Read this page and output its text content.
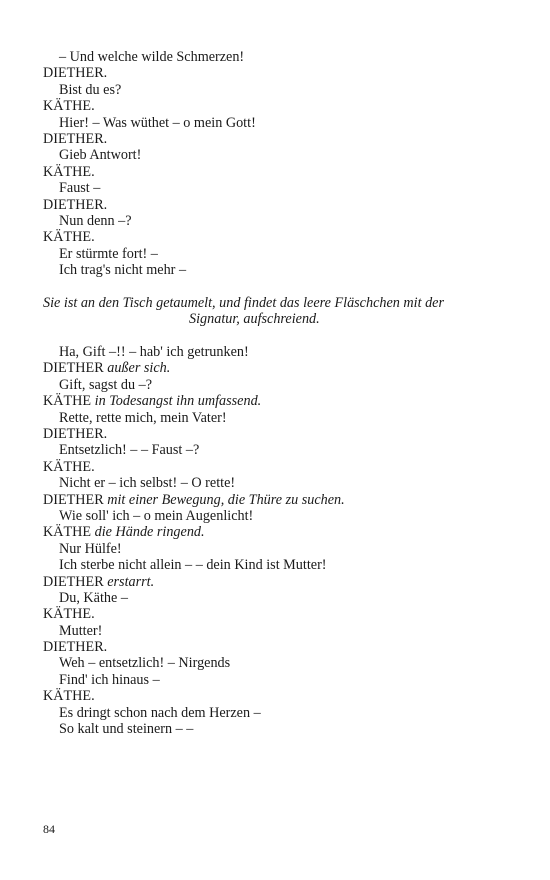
– Und welche wilde Schmerzen!
DIETHER.
Bist du es?
KÄTHE.
Hier! – Was wüthet – o mein Gott!
DIETHER.
Gieb Antwort!
KÄTHE.
Faust –
DIETHER.
Nun denn –?
KÄTHE.
Er stürmte fort! –
Ich trag's nicht mehr –
Sie ist an den Tisch getaumelt, und findet das leere Fläschchen mit der
Signatur, aufschreiend.
Ha, Gift –!! – hab' ich getrunken!
DIETHER außer sich.
Gift, sagst du –?
KÄTHE in Todesangst ihn umfassend.
Rette, rette mich, mein Vater!
DIETHER.
Entsetzlich! – – Faust –?
KÄTHE.
Nicht er – ich selbst! – O rette!
DIETHER mit einer Bewegung, die Thüre zu suchen.
Wie soll' ich – o mein Augenlicht!
KÄTHE die Hände ringend.
Nur Hülfe!
Ich sterbe nicht allein – – dein Kind ist Mutter!
DIETHER erstarrt.
Du, Käthe –
KÄTHE.
Mutter!
DIETHER.
Weh – entsetzlich! – Nirgends
Find' ich hinaus –
KÄTHE.
Es dringt schon nach dem Herzen –
So kalt und steinern – –
84
